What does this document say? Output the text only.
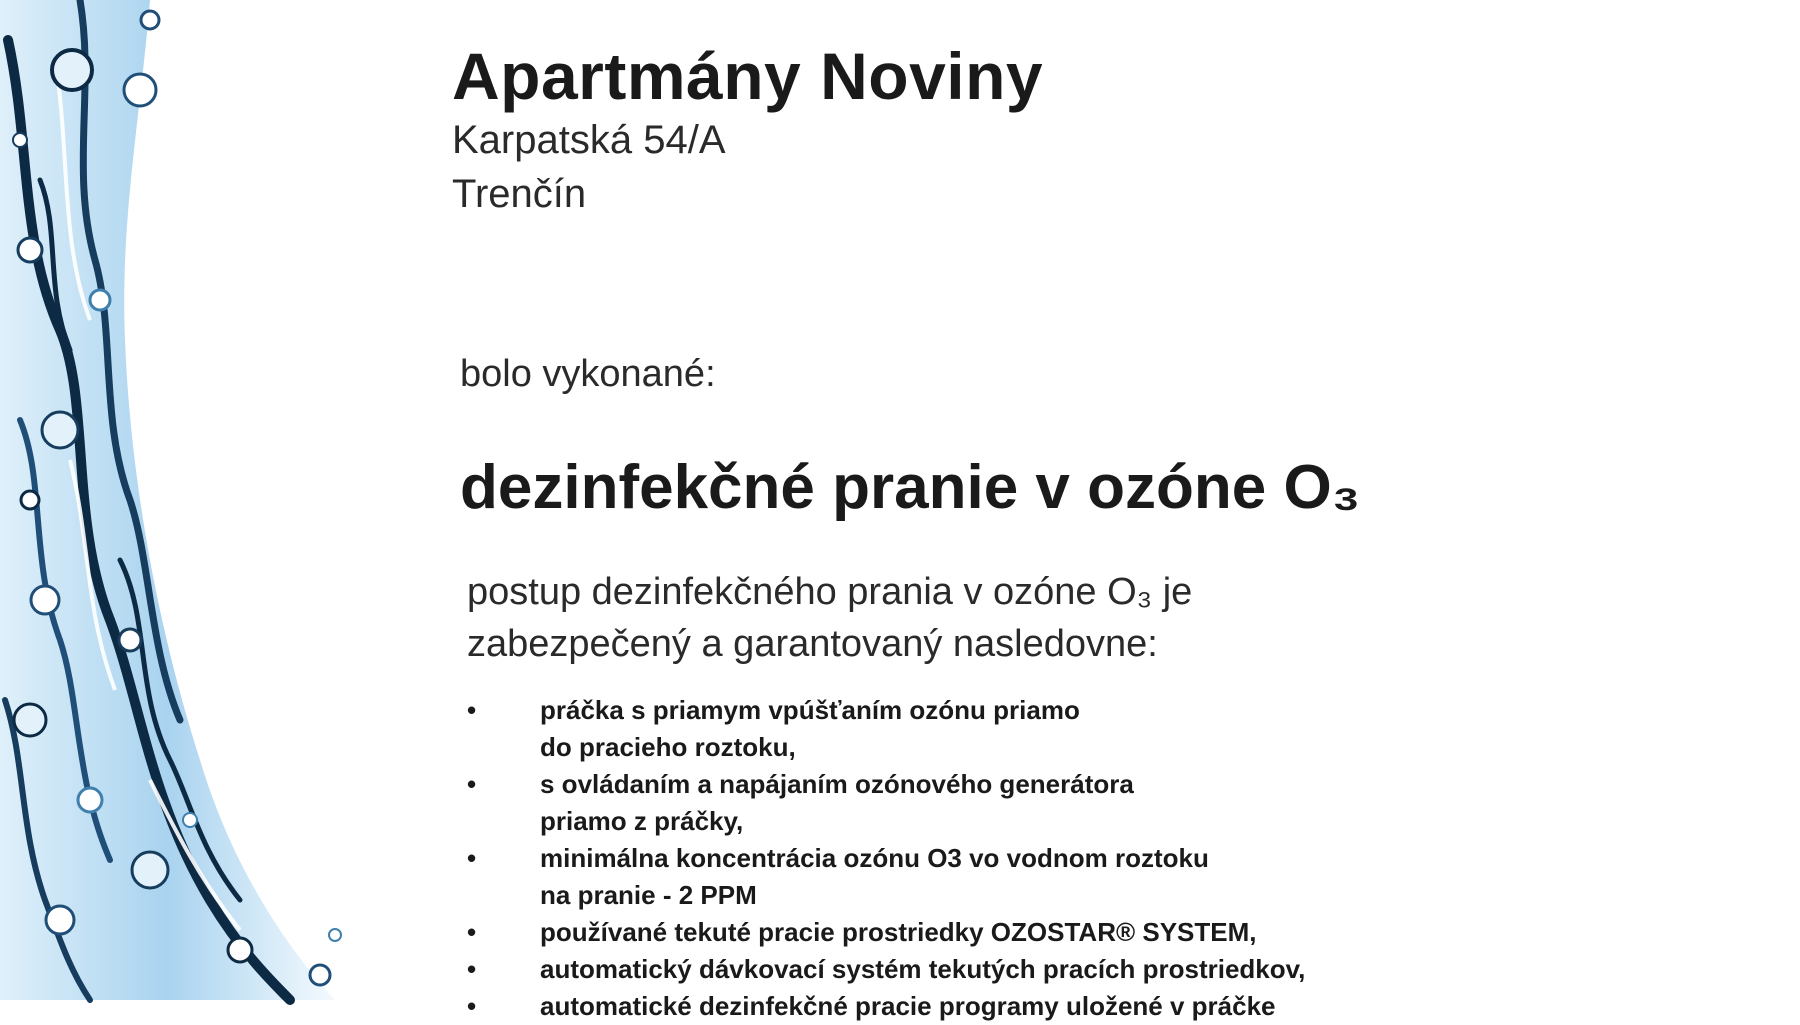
Apartmány Noviny

Karpatská 54/A

Trenčín

bolo vykonané:

dezinfekčné pranie v ozóne O₃

postup dezinfekčného prania v ozóne O₃ je
zabezpečený a garantovaný nasledovne:

•	práčka s priamym vpúšťaním ozónu priamo
do pracieho roztoku,
•	s ovládaním a napájaním ozónového generátora
priamo z práčky,
•	minimálna koncentrácia ozónu O3 vo vodnom roztoku
na pranie - 2 PPM
•	používané tekuté pracie prostriedky OZOSTAR® SYSTEM,
•	automatický dávkovací systém tekutých pracích prostriedkov,
•	automatické dezinfekčné pracie programy uložené v práčke
